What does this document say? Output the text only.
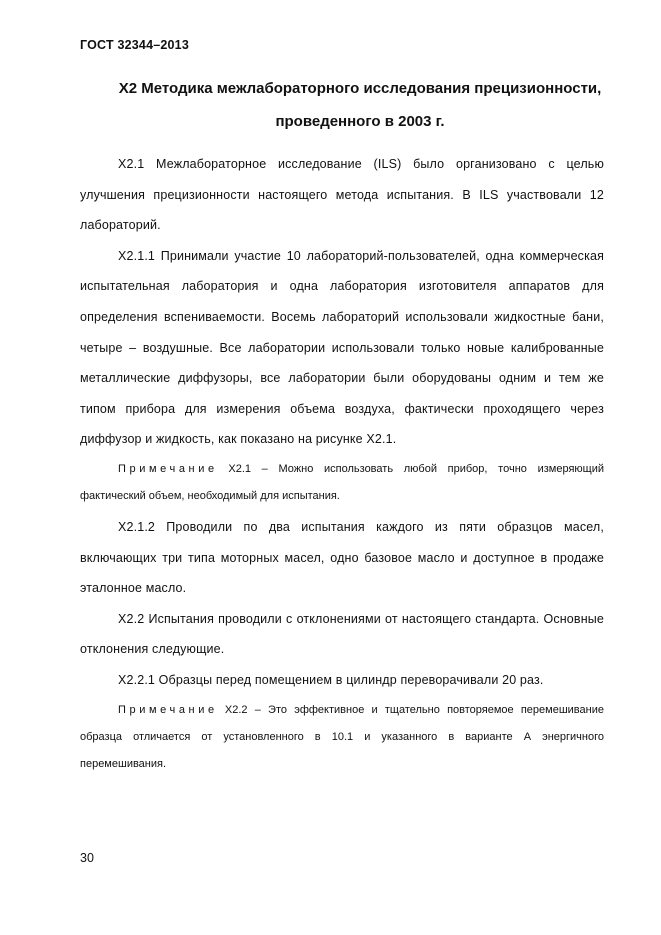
ГОСТ 32344–2013
Х2 Методика межлабораторного исследования прецизионности,
проведенного в 2003 г.

Х2.1 Межлабораторное исследование (ILS) было организовано с целью улучшения прецизионности настоящего метода испытания. В ILS участвовали 12 лабораторий.

Х2.1.1 Принимали участие 10 лабораторий-пользователей, одна коммерческая испытательная лаборатория и одна лаборатория изготовителя аппаратов для определения вспениваемости. Восемь лабораторий использовали жидкостные бани, четыре – воздушные. Все лаборатории использовали только новые калиброванные металлические диффузоры, все лаборатории были оборудованы одним и тем же типом прибора для измерения объема воздуха, фактически проходящего через диффузор и жидкость, как показано на рисунке Х2.1.

Примечание Х2.1 – Можно использовать любой прибор, точно измеряющий фактический объем, необходимый для испытания.

Х2.1.2 Проводили по два испытания каждого из пяти образцов масел, включающих три типа моторных масел, одно базовое масло и доступное в продаже эталонное масло.

Х2.2 Испытания проводили с отклонениями от настоящего стандарта. Основные отклонения следующие.

Х2.2.1 Образцы перед помещением в цилиндр переворачивали 20 раз.

Примечание Х2.2 – Это эффективное и тщательно повторяемое перемешивание образца отличается от установленного в 10.1 и указанного в варианте А энергичного перемешивания.

30
